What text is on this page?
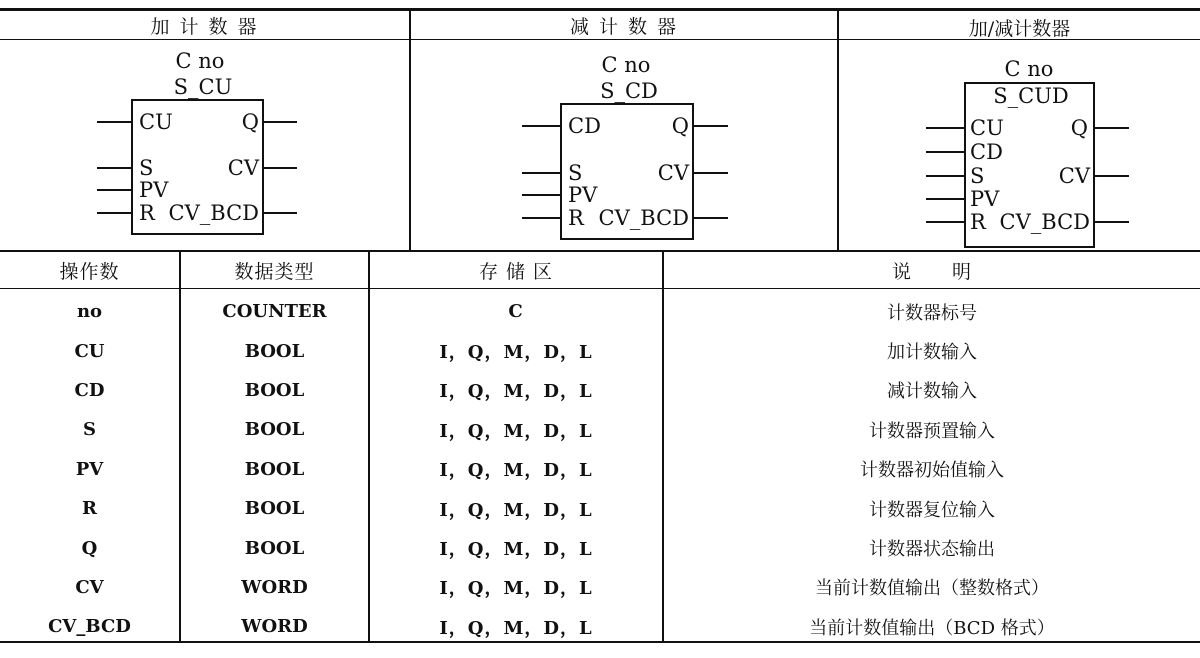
加 计 数 器	减 计 数 器	加/减计数器
C no
S_CU
CU
S
PV
R
Q
CV
CV_BCD
C no
S_CD
CD
S
PV
R
Q
CV
CV_BCD
C no
S_CUD
CU
CD
S
PV
R
Q
CV
CV_BCD
操作数	数据类型	存 储 区	说　　明
no	COUNTER	C	计数器标号
CU	BOOL	I，Q，M，D，L	加计数输入
CD	BOOL	I，Q，M，D，L	减计数输入
S	BOOL	I，Q，M，D，L	计数器预置输入
PV	BOOL	I，Q，M，D，L	计数器初始值输入
R	BOOL	I，Q，M，D，L	计数器复位输入
Q	BOOL	I，Q，M，D，L	计数器状态输出
CV	WORD	I，Q，M，D，L	当前计数值输出（整数格式）
CV_BCD	WORD	I，Q，M，D，L	当前计数值输出（BCD 格式）
